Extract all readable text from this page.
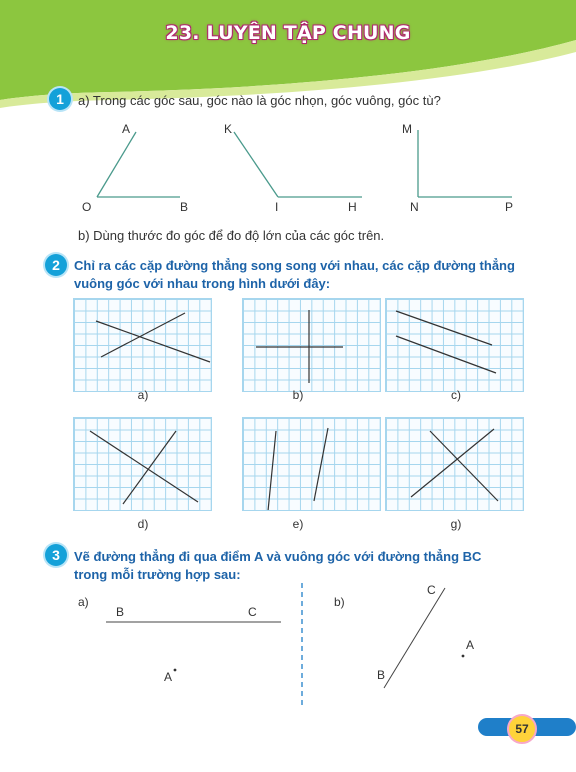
23. LUYỆN TẬP CHUNG
1	a) Trong các góc sau, góc nào là góc nhọn, góc vuông, góc tù?
A
O	B
K
I	H
M
N	P
b) Dùng thước đo góc để đo độ lớn của các góc trên.
2	Chỉ ra các cặp đường thẳng song song với nhau, các cặp đường thẳng
vuông góc với nhau trong hình dưới đây:
a)	b)	c)
d)	e)	g)
3	Vẽ đường thẳng đi qua điểm A và vuông góc với đường thẳng BC
trong mỗi trường hợp sau:
a)
B	C
A
b)
C
A
B
57
